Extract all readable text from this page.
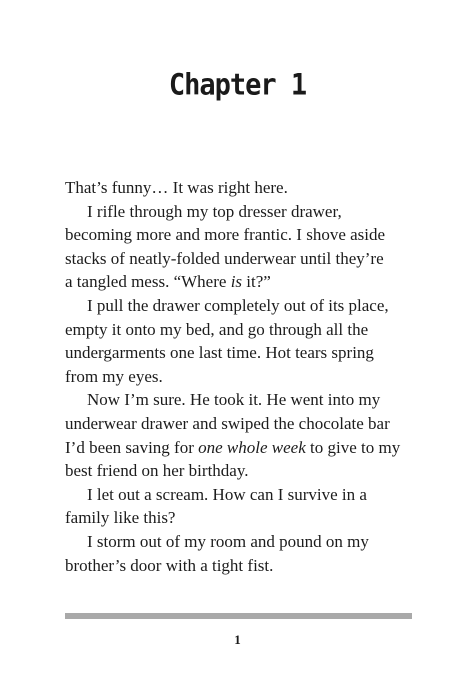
Chapter 1

That’s funny… It was right here.

I rifle through my top dresser drawer,
becoming more and more frantic. I shove aside
stacks of neatly-folded underwear until they’re
a tangled mess. “Where is it?”

I pull the drawer completely out of its place,
empty it onto my bed, and go through all the
undergarments one last time. Hot tears spring
from my eyes.

Now I’m sure. He took it. He went into my
underwear drawer and swiped the chocolate bar
I’d been saving for one whole week to give to my
best friend on her birthday.

I let out a scream. How can I survive in a
family like this?

I storm out of my room and pound on my
brother’s door with a tight fist.

1
